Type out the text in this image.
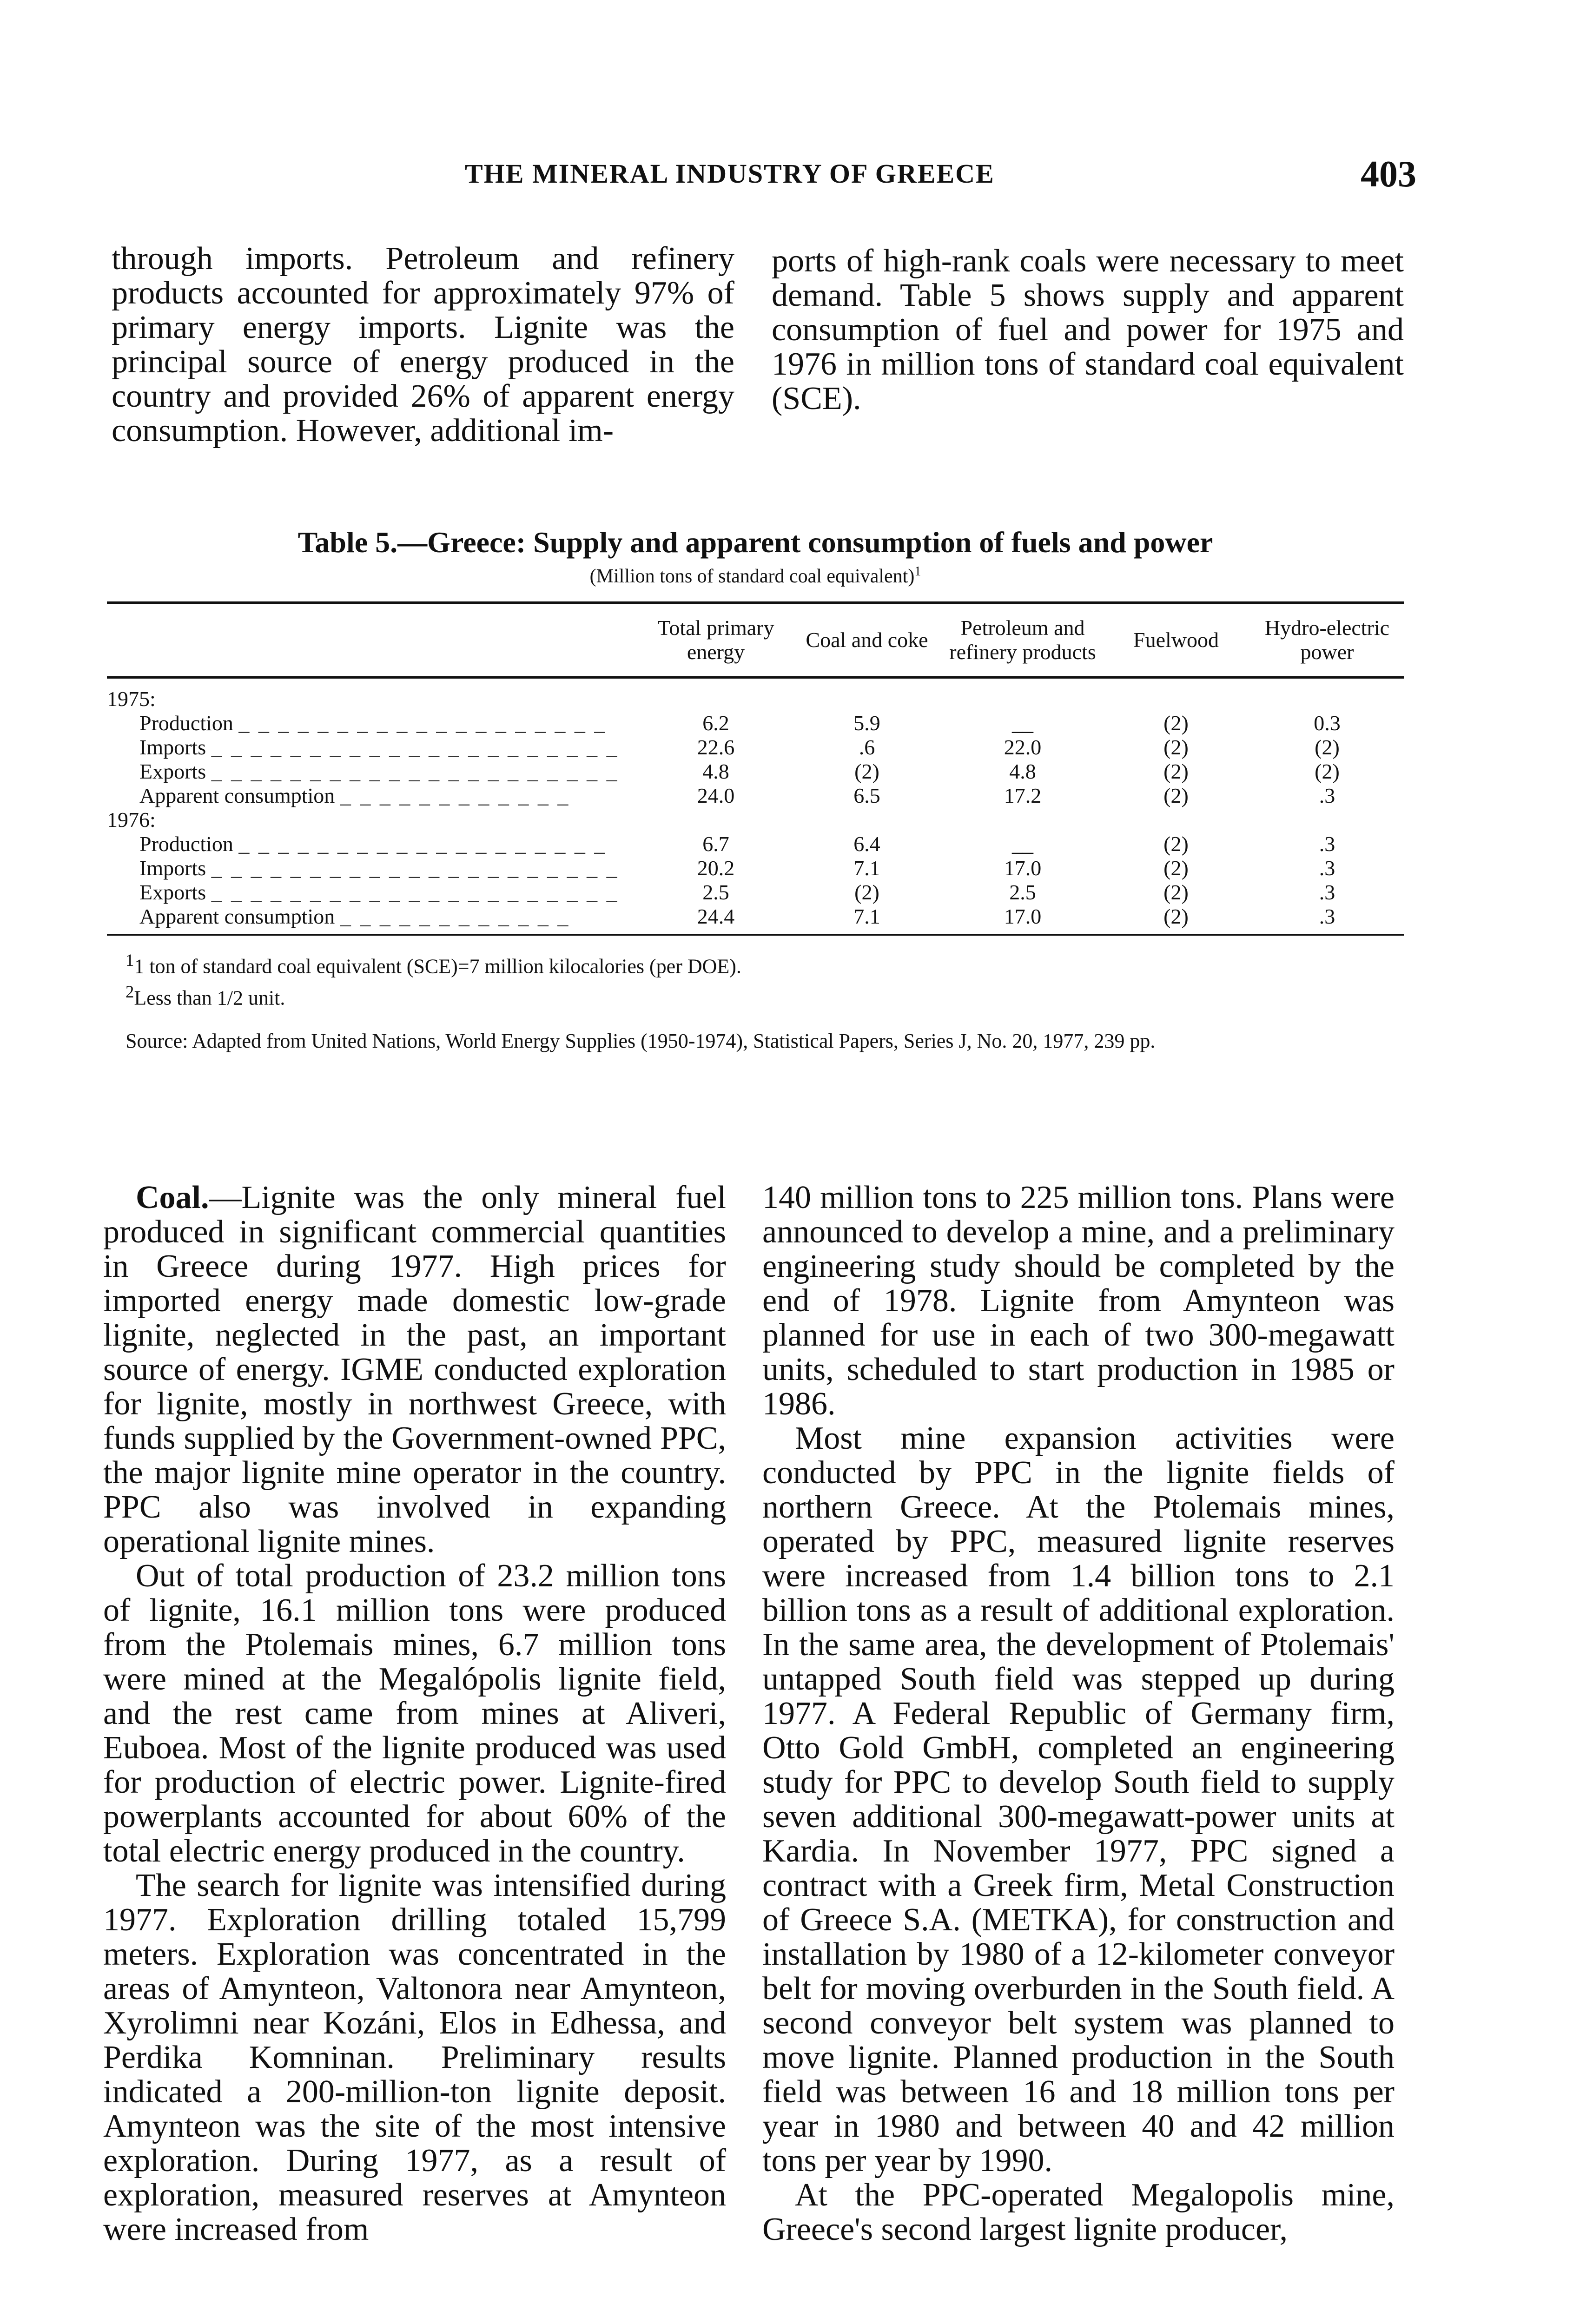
THE MINERAL INDUSTRY OF GREECE	403

through imports. Petroleum and refinery products accounted for approximately 97% of primary energy imports. Lignite was the principal source of energy produced in the country and provided 26% of apparent energy consumption. However, additional im-

ports of high-rank coals were necessary to meet demand. Table 5 shows supply and apparent consumption of fuel and power for 1975 and 1976 in million tons of standard coal equivalent (SCE).

Table 5.—Greece: Supply and apparent consumption of fuels and power

(Million tons of standard coal equivalent)$^1$

	Total primary energy	Coal and coke	Petroleum and refinery products	Fuelwood	Hydro-electric power
1975:					
Production _ _ _ _ _ _ _ _ _ _ _ _ _ _ _ _ _ _ _	6.2	5.9	__	(2)	0.3
Imports _ _ _ _ _ _ _ _ _ _ _ _ _ _ _ _ _ _ _ _ _	22.6	.6	22.0	(2)	(2)
Exports _ _ _ _ _ _ _ _ _ _ _ _ _ _ _ _ _ _ _ _ _	4.8	(2)	4.8	(2)	(2)
Apparent consumption _ _ _ _ _ _ _ _ _ _ _ _	24.0	6.5	17.2	(2)	.3
1976:					
Production _ _ _ _ _ _ _ _ _ _ _ _ _ _ _ _ _ _ _	6.7	6.4	__	(2)	.3
Imports _ _ _ _ _ _ _ _ _ _ _ _ _ _ _ _ _ _ _ _ _	20.2	7.1	17.0	(2)	.3
Exports _ _ _ _ _ _ _ _ _ _ _ _ _ _ _ _ _ _ _ _ _	2.5	(2)	2.5	(2)	.3
Apparent consumption _ _ _ _ _ _ _ _ _ _ _ _	24.4	7.1	17.0	(2)	.3

$^1$1 ton of standard coal equivalent (SCE)=7 million kilocalories (per DOE).

$^2$Less than 1/2 unit.

Source: Adapted from United Nations, World Energy Supplies (1950-1974), Statistical Papers, Series J, No. 20, 1977, 239 pp.

Coal.—Lignite was the only mineral fuel produced in significant commercial quantities in Greece during 1977. High prices for imported energy made domestic low-grade lignite, neglected in the past, an important source of energy. IGME conducted exploration for lignite, mostly in northwest Greece, with funds supplied by the Government-owned PPC, the major lignite mine operator in the country. PPC also was involved in expanding operational lignite mines.

Out of total production of 23.2 million tons of lignite, 16.1 million tons were produced from the Ptolemais mines, 6.7 million tons were mined at the Megalópolis lignite field, and the rest came from mines at Aliveri, Euboea. Most of the lignite produced was used for production of electric power. Lignite-fired powerplants accounted for about 60% of the total electric energy produced in the country.

The search for lignite was intensified during 1977. Exploration drilling totaled 15,799 meters. Exploration was concentrated in the areas of Amynteon, Valtonora near Amynteon, Xyrolimni near Kozáni, Elos in Edhessa, and Perdika Komninan. Preliminary results indicated a 200-million-ton lignite deposit. Amynteon was the site of the most intensive exploration. During 1977, as a result of exploration, measured reserves at Amynteon were increased from

140 million tons to 225 million tons. Plans were announced to develop a mine, and a preliminary engineering study should be completed by the end of 1978. Lignite from Amynteon was planned for use in each of two 300-megawatt units, scheduled to start production in 1985 or 1986.

Most mine expansion activities were conducted by PPC in the lignite fields of northern Greece. At the Ptolemais mines, operated by PPC, measured lignite reserves were increased from 1.4 billion tons to 2.1 billion tons as a result of additional exploration. In the same area, the development of Ptolemais' untapped South field was stepped up during 1977. A Federal Republic of Germany firm, Otto Gold GmbH, completed an engineering study for PPC to develop South field to supply seven additional 300-megawatt-power units at Kardia. In November 1977, PPC signed a contract with a Greek firm, Metal Construction of Greece S.A. (METKA), for construction and installation by 1980 of a 12-kilometer conveyor belt for moving overburden in the South field. A second conveyor belt system was planned to move lignite. Planned production in the South field was between 16 and 18 million tons per year in 1980 and between 40 and 42 million tons per year by 1990.

At the PPC-operated Megalopolis mine, Greece's second largest lignite producer,
